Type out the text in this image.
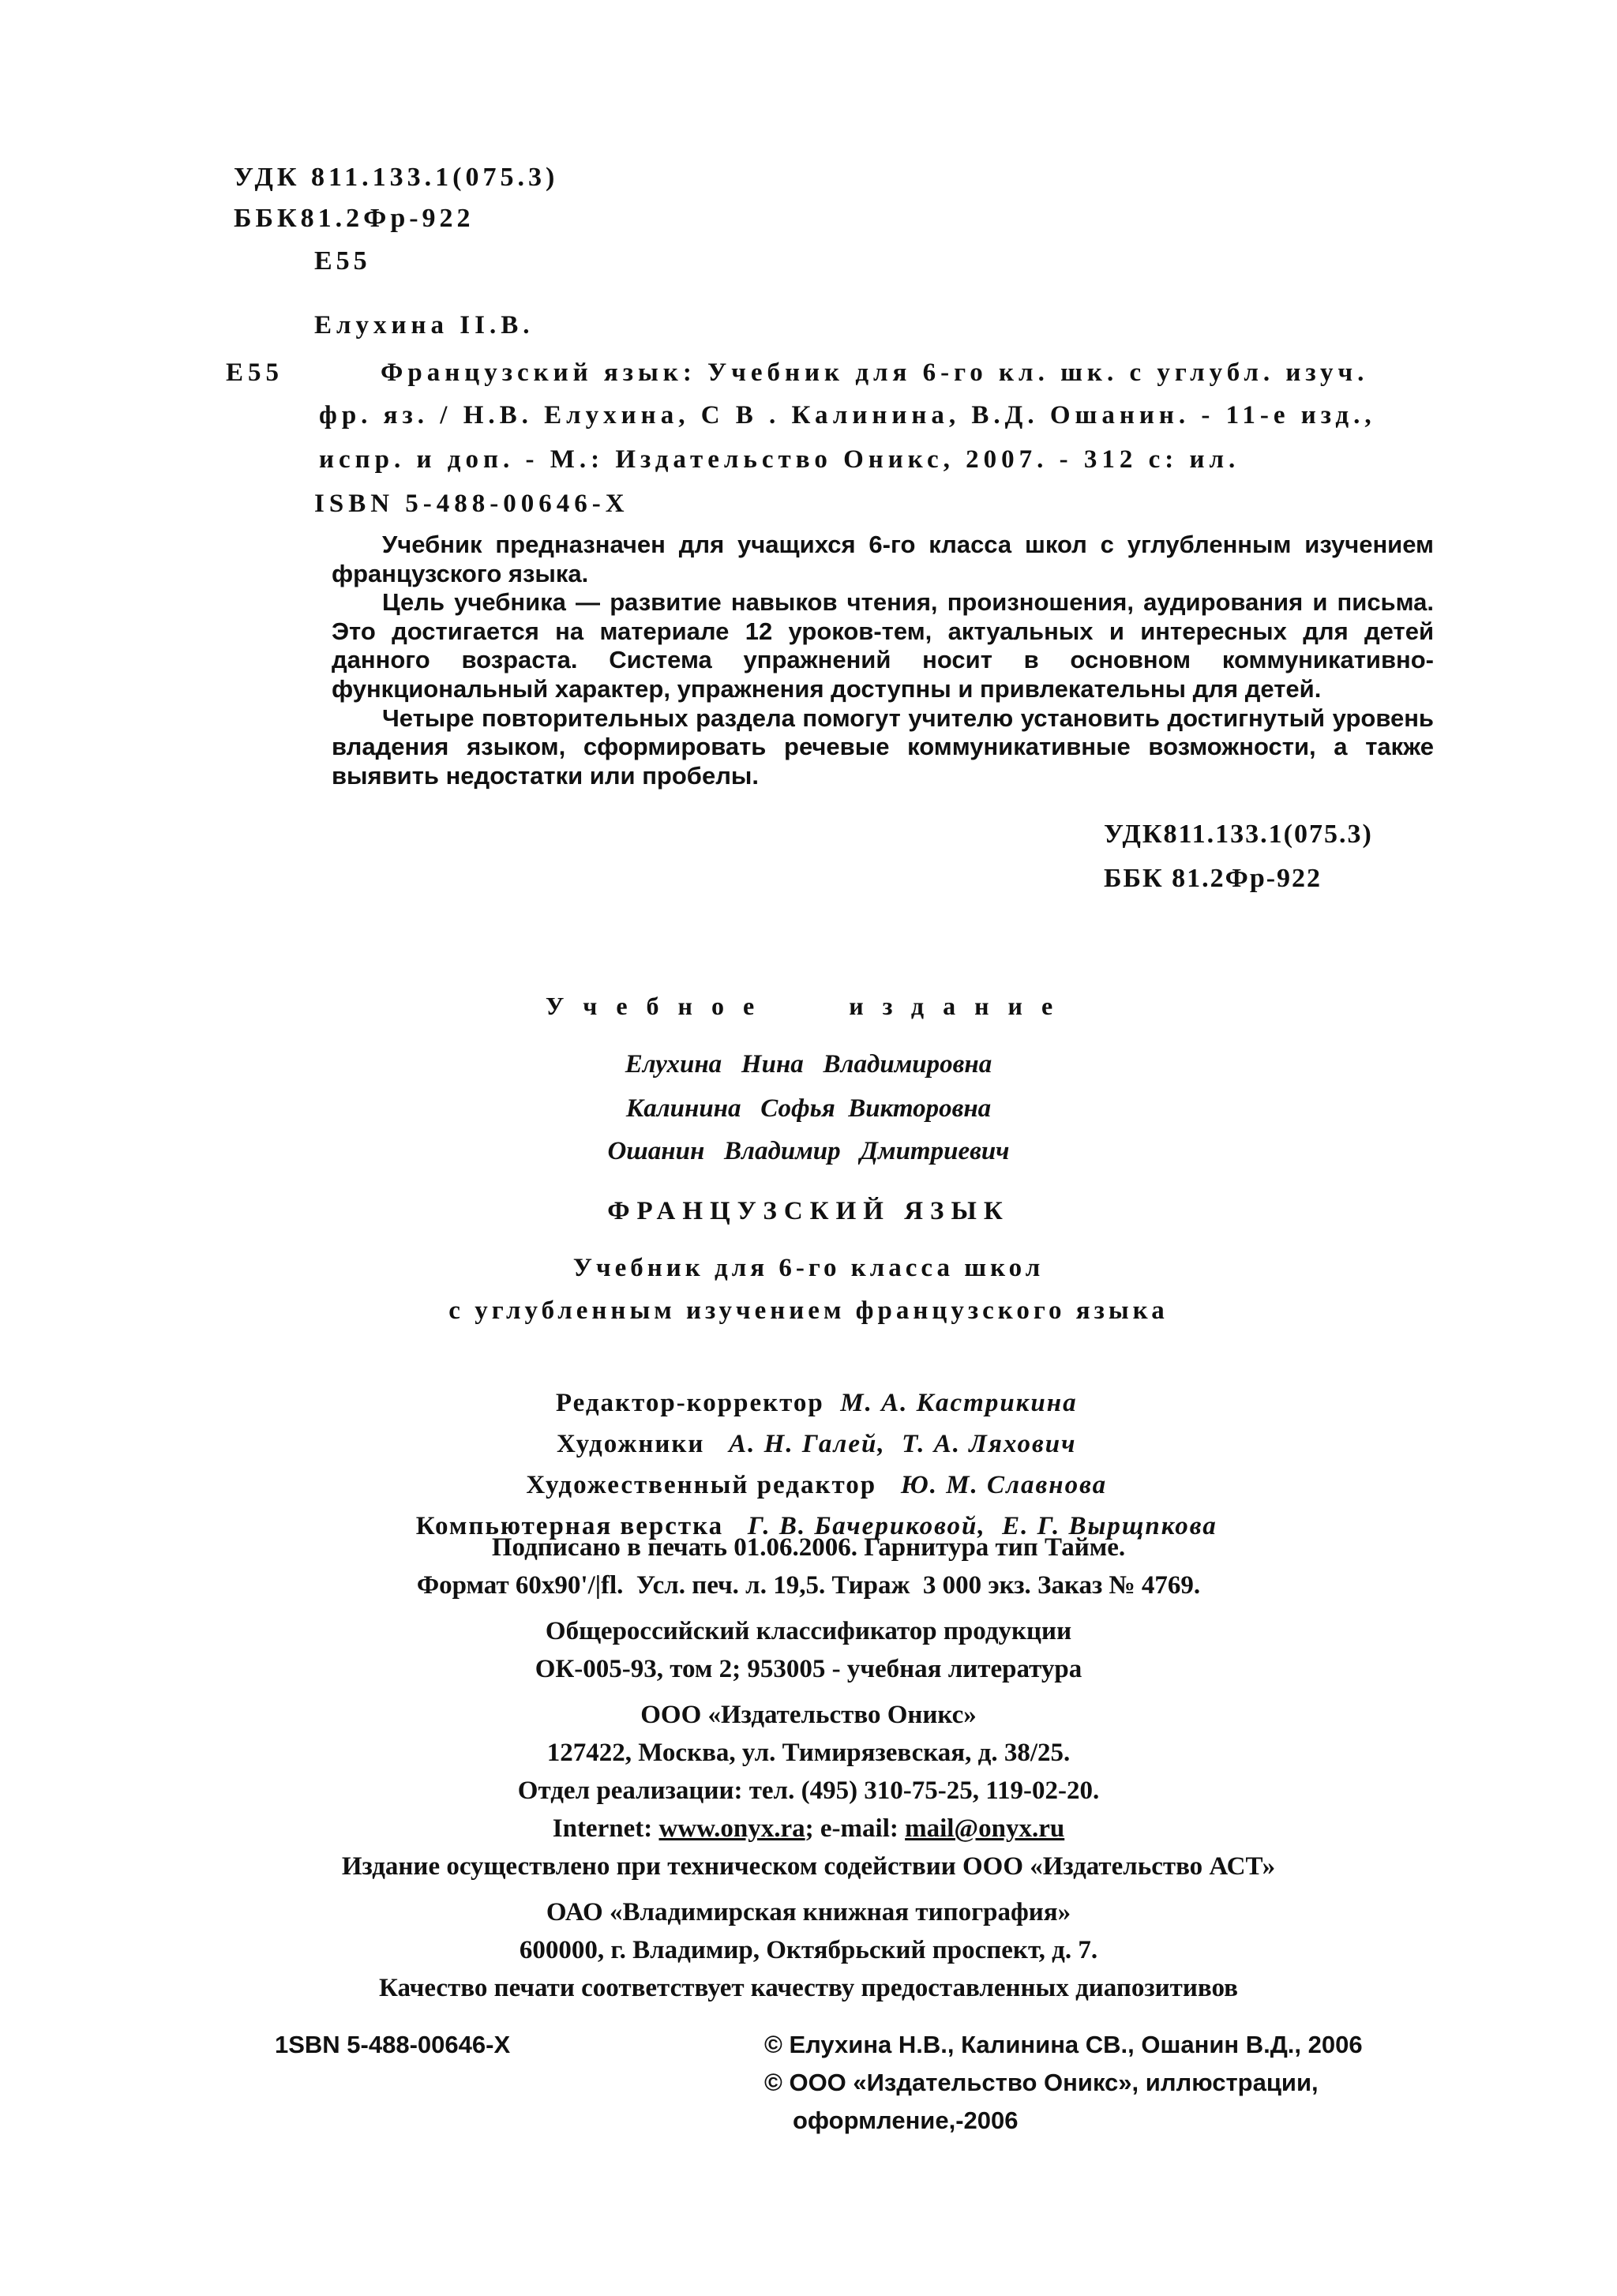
УДК 811.133.1(075.3)
ББК81.2Фр-922
Е55
Елухина II.В.
Е55	Французский язык: Учебник для 6-го кл. шк. с углубл. изуч.
фр. яз. / Н.В. Елухина, С В . Калинина, В.Д. Ошанин. - 11-е изд.,
испр. и доп. - М.: Издательство Оникс, 2007. - 312 с: ил.
ISBN 5-488-00646-Х

Учебник предназначен для учащихся 6-го класса школ с углубленным изучением французского языка.

Цель учебника — развитие навыков чтения, произношения, аудирования и письма. Это достигается на материале 12 уроков-тем, актуальных и интересных для детей данного возраста. Система упражнений носит в основном коммуникативно-функциональный характер, упражнения доступны и привлекательны для детей.

Четыре повторительных раздела помогут учителю установить достигнутый уровень владения языком, сформировать речевые коммуникативные возможности, а также выявить недостатки или пробелы.

УДК811.133.1(075.3)
ББК 81.2Фр-922
Учебное   издание
Елухина   Нина   Владимировна
Калинина   Софья  Викторовна
Ошанин   Владимир   Дмитриевич
ФРАНЦУЗСКИЙ ЯЗЫК
Учебник для 6-го класса школ
с углубленным изучением французского языка

Редактор-корректор М. А. Кастрикина

Художники А. Н. Галей,  Т. А. Ляхович

Художественный редактор Ю. М. Славнова

Компьютерная верстка Г. В. Бачериковой,  Е. Г. Вырщпкова

Подписано в печать 01.06.2006. Гарнитура тип Тайме.
Формат 60x90'/|fl.  Усл. печ. л. 19,5. Тираж  3 000 экз. Заказ № 4769.
Общероссийский классификатор продукции
ОК-005-93, том 2; 953005 - учебная литература
ООО «Издательство Оникс»
127422, Москва, ул. Тимирязевская, д. 38/25.
Отдел реализации: тел. (495) 310-75-25, 119-02-20.
Internet: www.onyx.ra; e-mail: mail@onyx.ru
Издание осуществлено при техническом содействии ООО «Издательство АСТ»
ОАО «Владимирская книжная типография»
600000, г. Владимир, Октябрьский проспект, д. 7.
Качество печати соответствует качеству предоставленных диапозитивов
1SBN 5-488-00646-Х	© Елухина Н.В., Калинина СВ., Ошанин В.Д., 2006
© ООО «Издательство Оникс», иллюстрации,
оформление,-2006
